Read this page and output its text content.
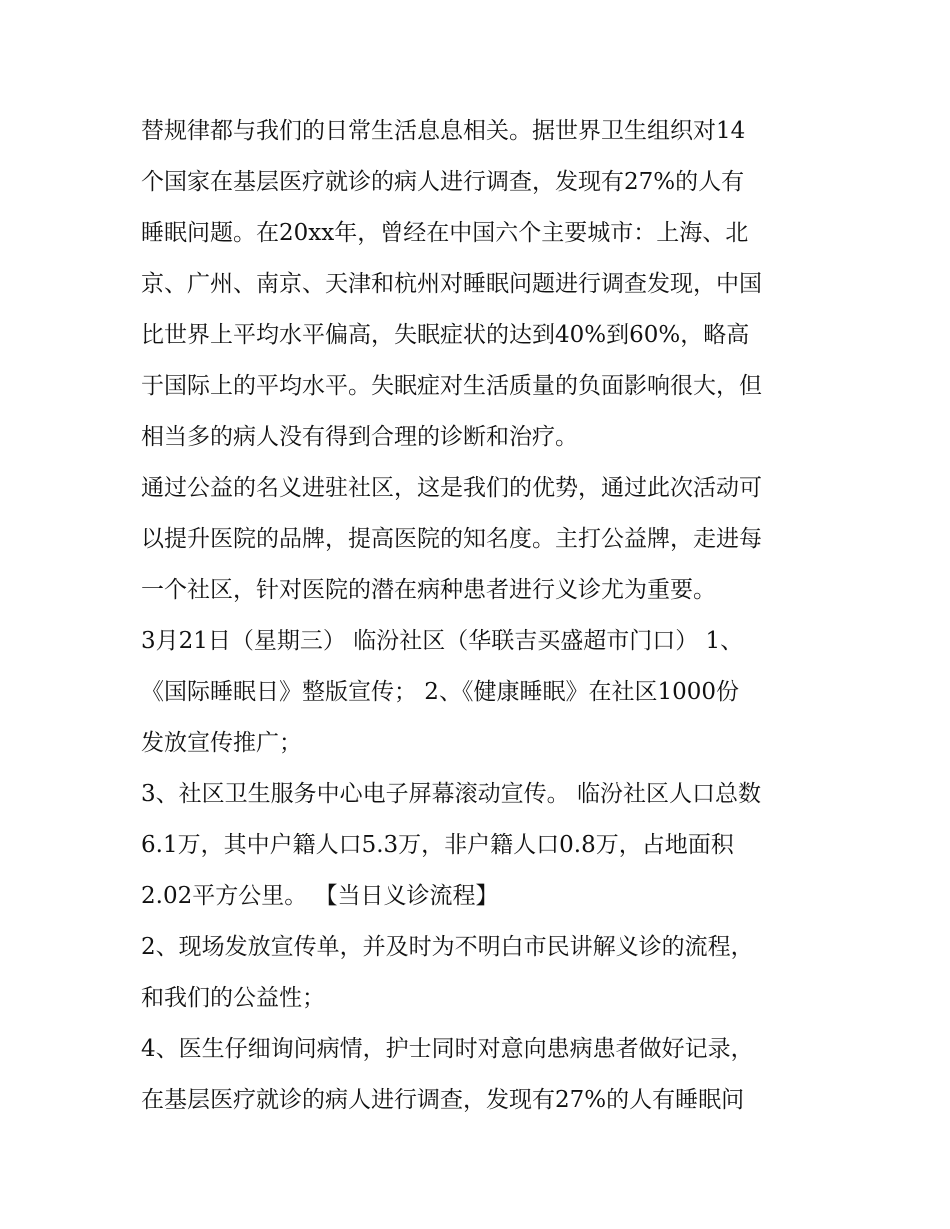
替规律都与我们的日常生活息息相关。据世界卫生组织对14
个国家在基层医疗就诊的病人进行调查，发现有27%的人有
睡眠问题。在20xx年，曾经在中国六个主要城市：上海、北
京、广州、南京、天津和杭州对睡眠问题进行调查发现，中国
比世界上平均水平偏高，失眠症状的达到40%到60%，略高
于国际上的平均水平。失眠症对生活质量的负面影响很大，但
相当多的病人没有得到合理的诊断和治疗。
通过公益的名义进驻社区，这是我们的优势，通过此次活动可
以提升医院的品牌，提高医院的知名度。主打公益牌，走进每
一个社区，针对医院的潜在病种患者进行义诊尤为重要。
3月21日（星期三） 临汾社区（华联吉买盛超市门口） 1、
《国际睡眠日》整版宣传； 2、《健康睡眠》在社区1000份
发放宣传推广；
3、社区卫生服务中心电子屏幕滚动宣传。 临汾社区人口总数
6.1万，其中户籍人口5.3万，非户籍人口0.8万，占地面积
2.02平方公里。 【当日义诊流程】
2、现场发放宣传单，并及时为不明白市民讲解义诊的流程，
和我们的公益性；
4、医生仔细询问病情，护士同时对意向患病患者做好记录，
在基层医疗就诊的病人进行调查，发现有27%的人有睡眠问
